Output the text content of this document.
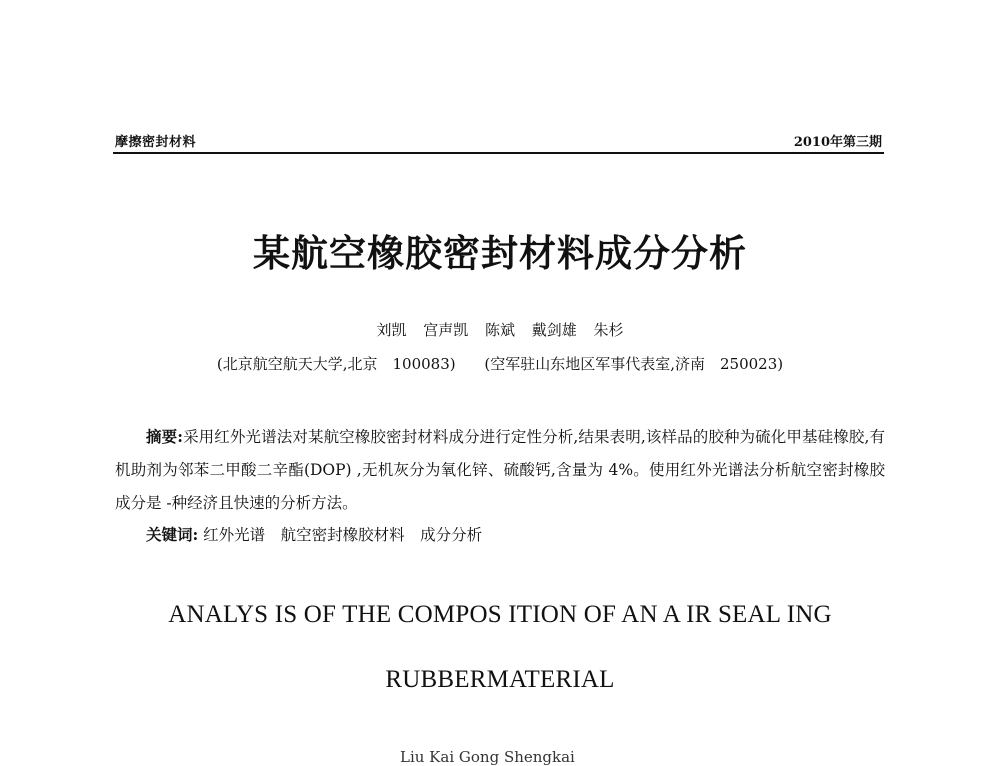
摩擦密封材料	2010年第三期
某航空橡胶密封材料成分分析
刘凯 宫声凯 陈斌 戴剑雄 朱杉
(北京航空航天大学,北京　100083) (空军驻山东地区军事代表室,济南　250023)
摘要:采用红外光谱法对某航空橡胶密封材料成分进行定性分析,结果表明,该样品的胶种为硫化甲基硅橡胶,有机助剂为邻苯二甲酸二辛酯(DOP) ,无机灰分为氧化锌、硫酸钙,含量为 4%。使用红外光谱法分析航空密封橡胶成分是 -种经济且快速的分析方法。
关键词: 红外光谱　航空密封橡胶材料　成分分析
ANALYS IS OF THE COMPOS ITION OF AN A IR SEAL ING
RUBBERMATERIAL
Liu Kai Gong Shengkai
